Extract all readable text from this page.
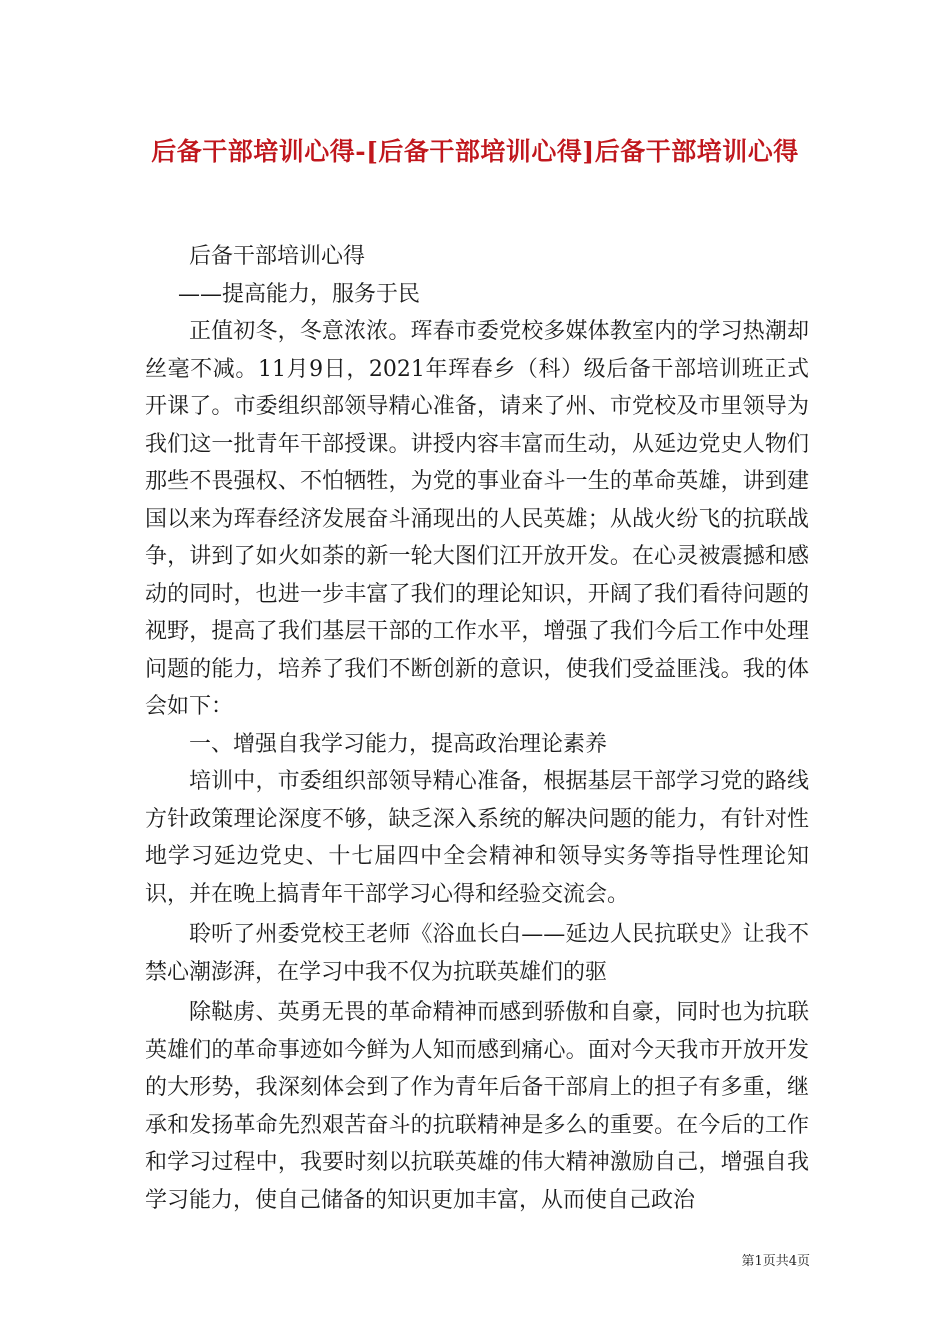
后备干部培训心得-[后备干部培训心得]后备干部培训心得

后备干部培训心得

——提高能力，服务于民

正值初冬，冬意浓浓。珲春市委党校多媒体教室内的学习热潮却丝毫不减。11月9日，2021年珲春乡（科）级后备干部培训班正式开课了。市委组织部领导精心准备，请来了州、市党校及市里领导为我们这一批青年干部授课。讲授内容丰富而生动，从延边党史人物们那些不畏强权、不怕牺牲，为党的事业奋斗一生的革命英雄，讲到建国以来为珲春经济发展奋斗涌现出的人民英雄；从战火纷飞的抗联战争，讲到了如火如荼的新一轮大图们江开放开发。在心灵被震撼和感动的同时，也进一步丰富了我们的理论知识，开阔了我们看待问题的视野，提高了我们基层干部的工作水平，增强了我们今后工作中处理问题的能力，培养了我们不断创新的意识，使我们受益匪浅。我的体会如下：

一、增强自我学习能力，提高政治理论素养

培训中，市委组织部领导精心准备，根据基层干部学习党的路线方针政策理论深度不够，缺乏深入系统的解决问题的能力，有针对性地学习延边党史、十七届四中全会精神和领导实务等指导性理论知识，并在晚上搞青年干部学习心得和经验交流会。

聆听了州委党校王老师《浴血长白——延边人民抗联史》让我不禁心潮澎湃，在学习中我不仅为抗联英雄们的驱

除鞑虏、英勇无畏的革命精神而感到骄傲和自豪，同时也为抗联英雄们的革命事迹如今鲜为人知而感到痛心。面对今天我市开放开发的大形势，我深刻体会到了作为青年后备干部肩上的担子有多重，继承和发扬革命先烈艰苦奋斗的抗联精神是多么的重要。在今后的工作和学习过程中，我要时刻以抗联英雄的伟大精神激励自己，增强自我学习能力，使自己储备的知识更加丰富，从而使自己政治

第1页共4页
